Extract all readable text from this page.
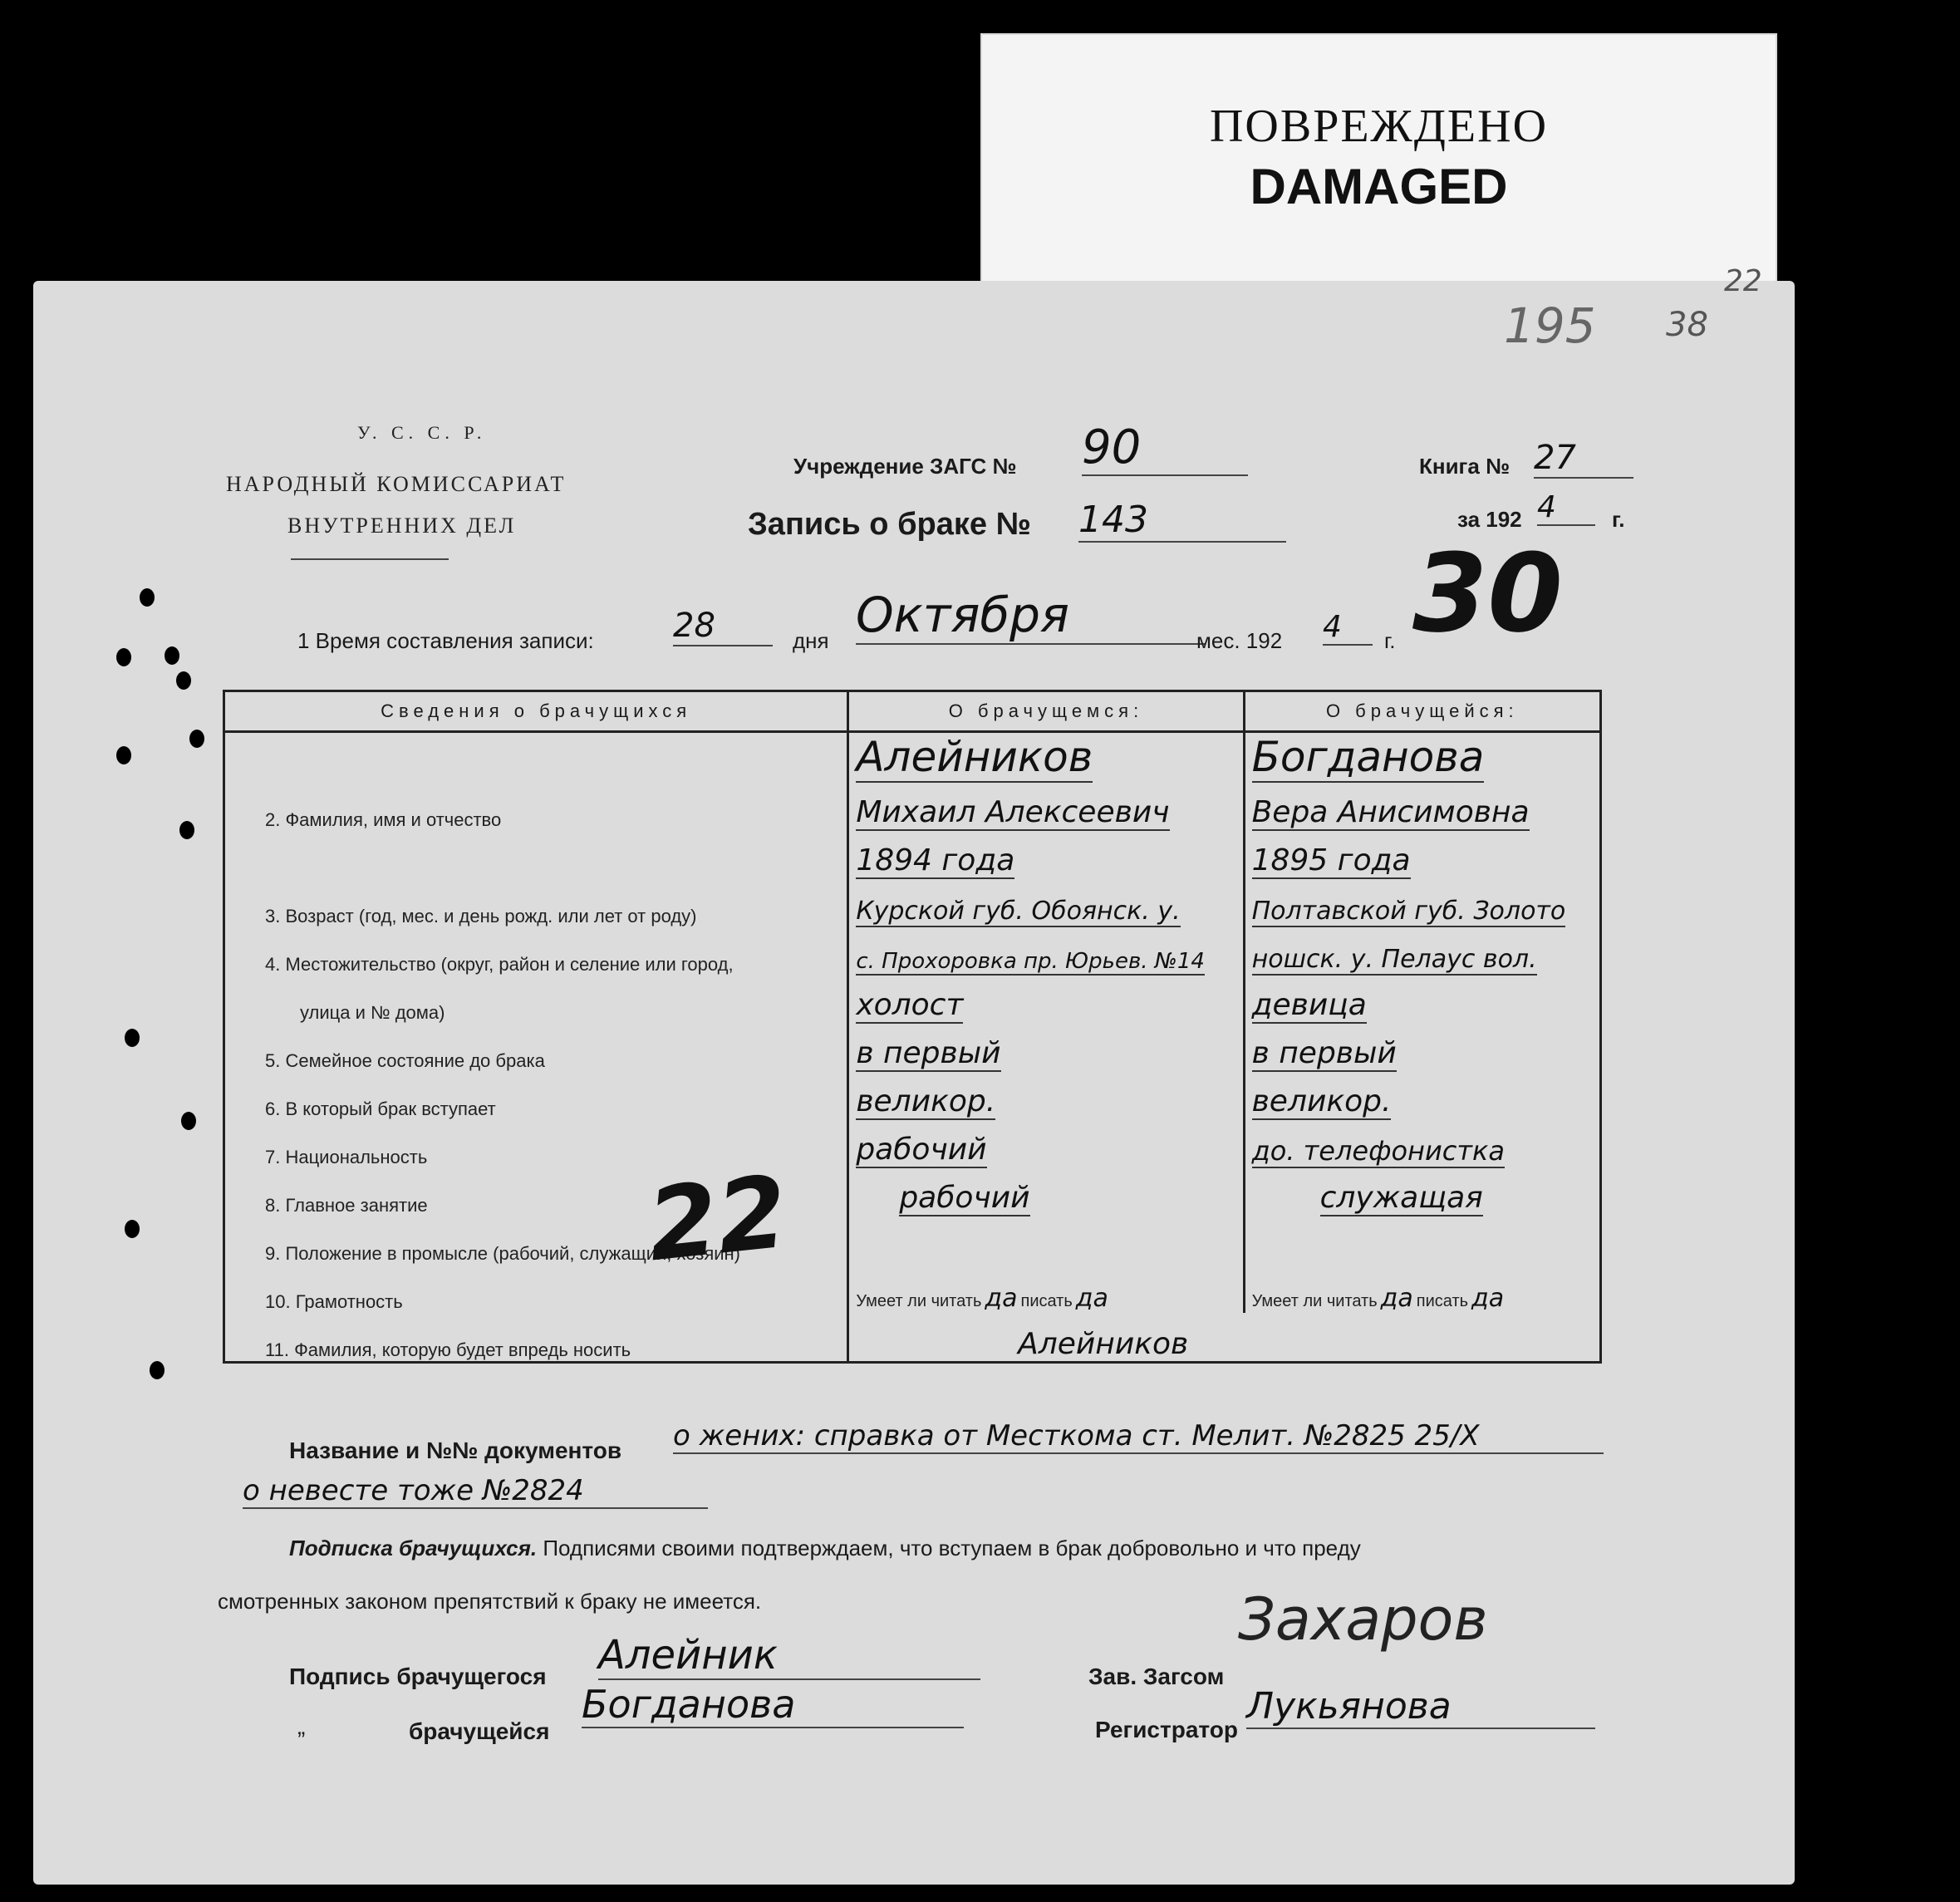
ПОВРЕЖДЕНО
DAMAGED
195
22
38
У. С. С. Р.
НАРОДНЫЙ КОМИССАРИАТ
ВНУТРЕННИХ ДЕЛ
Учреждение ЗАГС № 90
Запись о браке № 143
Книга № 27
за 192 4	г.
1 Время составления записи: 28	дня Октября	мес. 192 4	г. 30
Сведения о брачущихся	О брачущемся:	О брачущейся:
	Алейников	Богданова
2. Фамилия, имя и отчество	Михаил Алексеевич	Вера Анисимовна
	1894 года	1895 года
3. Возраст (год, мес. и день рожд. или лет от роду)	Курской губ. Обоянск. у.	Полтавской губ. Золото
4. Местожительство (округ, район и селение или город,	с. Прохоровка пр. Юрьев. №14	ношск. у. Пелаус вол.
улица и № дома)	холост	девица
5. Семейное состояние до брака	в первый	в первый
6. В который брак вступает	великор.	великор.
7. Национальность	рабочий	до. телефонистка
8. Главное занятие	рабочий	служащая
9. Положение в промысле (рабочий, служащий, хозяин)		
10. Грамотность	Умеет ли читать да писать да	Умеет ли читать да писать да
11. Фамилия, которую будет впредь носить	Алейников	
22
Название и №№ документов о жених: справка от Месткома ст. Мелит. №2825 25/X
о невесте тоже №2824
Подписка брачущихся. Подписями своими подтверждаем, что вступаем в брак добровольно и что преду
смотренных законом препятствий к браку не имеется.
Подпись брачущегося Алейник
„	брачущейся
Богданова
Зав. Загсом
Захаров
Регистратор
Лукьянова
